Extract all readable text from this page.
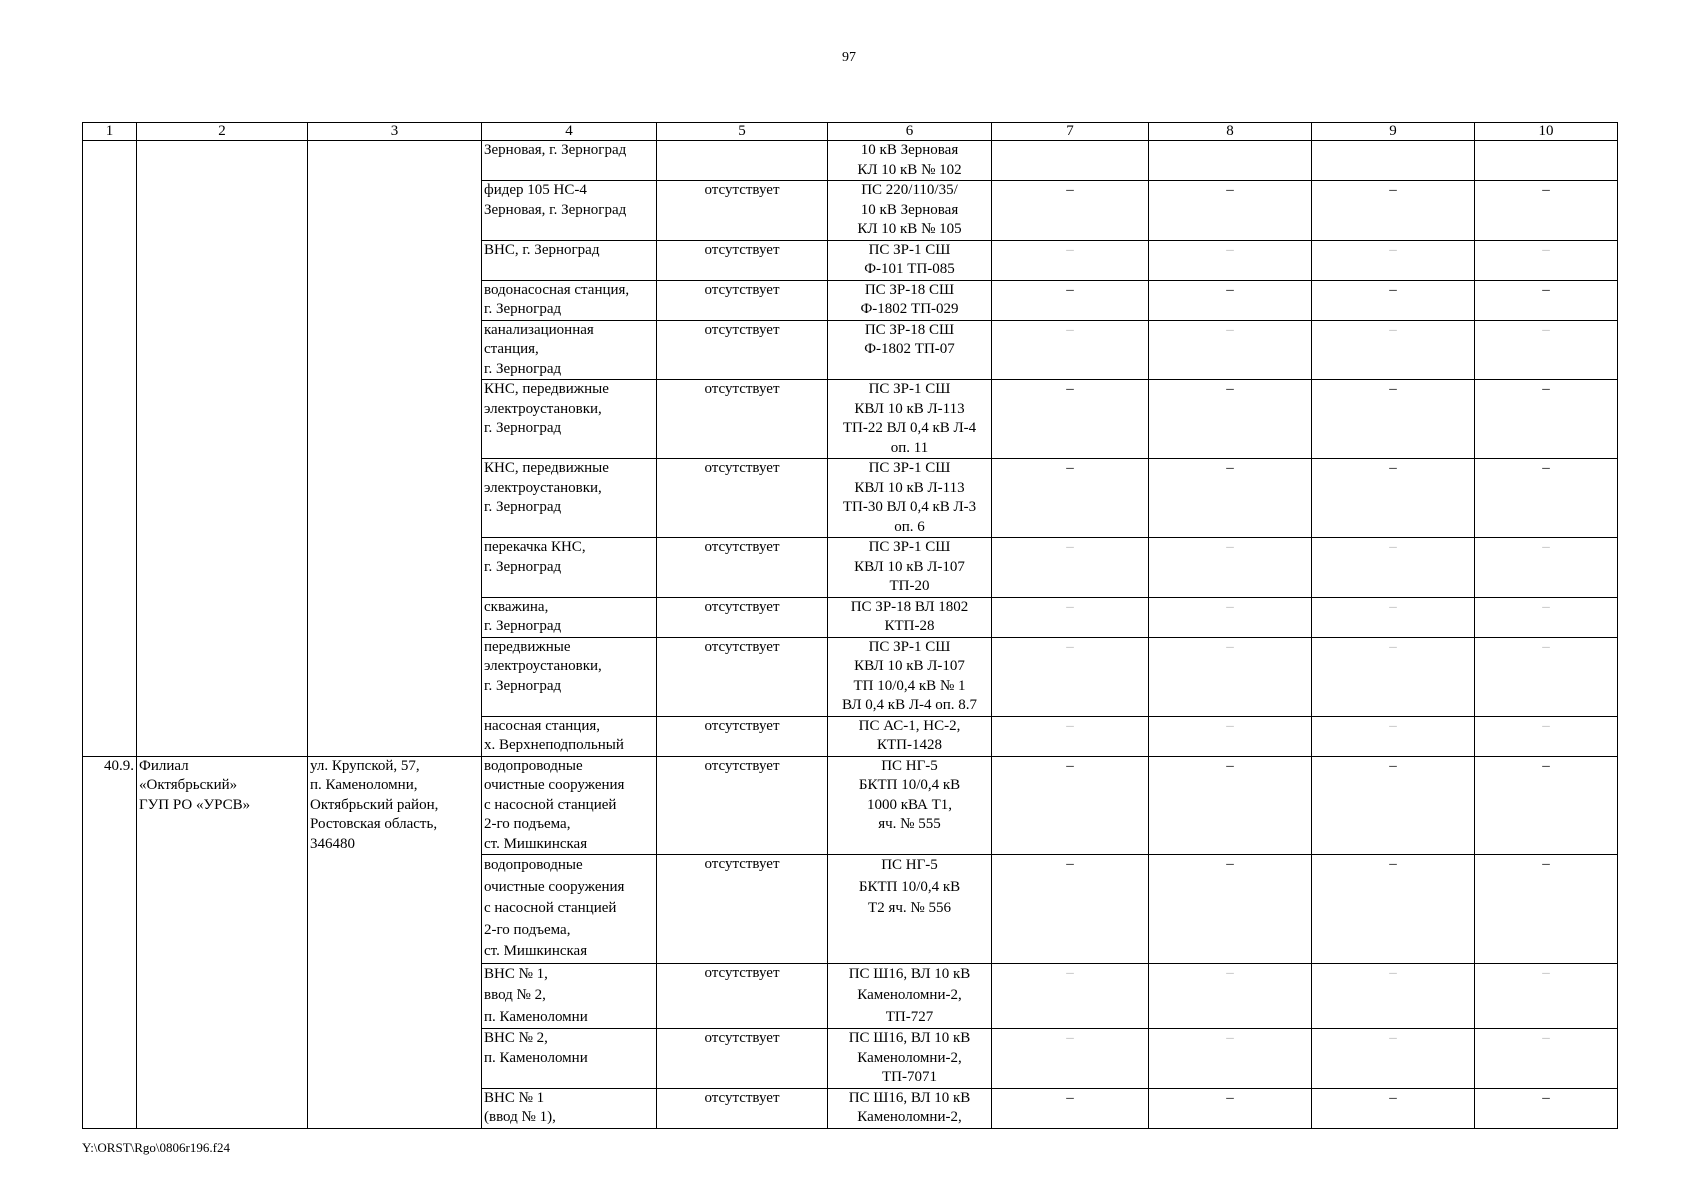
97
1	2	3	4	5	6	7	8	9	10
			Зерновая, г. Зерноград		10 кВ Зерновая
КЛ 10 кВ № 102				
			фидер 105 НС-4
Зерновая, г. Зерноград	отсутствует	ПС 220/110/35/
10 кВ Зерновая
КЛ 10 кВ № 105	–	–	–	–
			ВНС, г. Зерноград	отсутствует	ПС ЗР-1 СШ
Ф-101 ТП-085	–	–	–	–
			водонасосная станция,
г. Зерноград	отсутствует	ПС ЗР-18 СШ
Ф-1802 ТП-029	–	–	–	–
			канализационная
станция,
г. Зерноград	отсутствует	ПС ЗР-18 СШ
Ф-1802 ТП-07	–	–	–	–
			КНС, передвижные
электроустановки,
г. Зерноград	отсутствует	ПС ЗР-1 СШ
КВЛ 10 кВ Л-113
ТП-22 ВЛ 0,4 кВ Л-4
оп. 11	–	–	–	–
			КНС, передвижные
электроустановки,
г. Зерноград	отсутствует	ПС ЗР-1 СШ
КВЛ 10 кВ Л-113
ТП-30 ВЛ 0,4 кВ Л-3
оп. 6	–	–	–	–
			перекачка КНС,
г. Зерноград	отсутствует	ПС ЗР-1 СШ
КВЛ 10 кВ Л-107
ТП-20	–	–	–	–
			скважина,
г. Зерноград	отсутствует	ПС ЗР-18 ВЛ 1802
КТП-28	–	–	–	–
			передвижные
электроустановки,
г. Зерноград	отсутствует	ПС ЗР-1 СШ
КВЛ 10 кВ Л-107
ТП 10/0,4 кВ № 1
ВЛ 0,4 кВ Л-4 оп. 8.7	–	–	–	–
			насосная станция,
х. Верхнеподпольный	отсутствует	ПС АС-1, НС-2,
КТП-1428	–	–	–	–
40.9.	Филиал
«Октябрьский»
ГУП РО «УРСВ»	ул. Крупской, 57,
п. Каменоломни,
Октябрьский район,
Ростовская область,
346480	водопроводные
очистные сооружения
с насосной станцией
2-го подъема,
ст. Мишкинская	отсутствует	ПС НГ-5
БКТП 10/0,4 кВ
1000 кВА Т1,
яч. № 555	–	–	–	–
			водопроводные
очистные сооружения
с насосной станцией
2-го подъема,
ст. Мишкинская	отсутствует	ПС НГ-5
БКТП 10/0,4 кВ
Т2 яч. № 556	–	–	–	–
			ВНС № 1,
ввод № 2,
п. Каменоломни	отсутствует	ПС Ш16, ВЛ 10 кВ
Каменоломни-2,
ТП-727	–	–	–	–
			ВНС № 2,
п. Каменоломни	отсутствует	ПС Ш16, ВЛ 10 кВ
Каменоломни-2,
ТП-7071	–	–	–	–
			ВНС № 1
(ввод № 1),	отсутствует	ПС Ш16, ВЛ 10 кВ
Каменоломни-2,	–	–	–	–
Y:\ORST\Rgo\0806r196.f24
